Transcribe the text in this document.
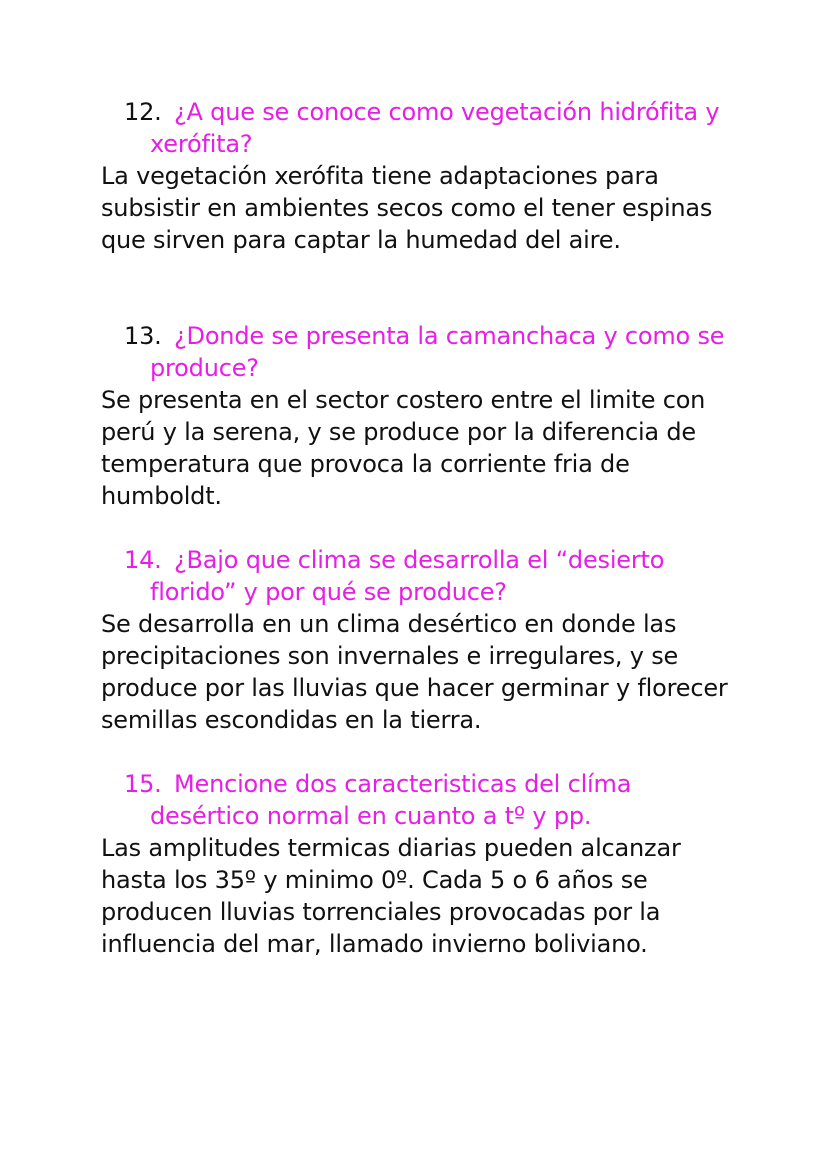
12. ¿A que se conoce como vegetación hidrófita y xerófita?

La vegetación xerófita tiene adaptaciones para subsistir en ambientes secos como el tener espinas que sirven para captar la humedad del aire.

13. ¿Donde se presenta la camanchaca y como se produce?

Se presenta en el sector costero entre el limite con perú y la serena, y se produce por la diferencia de temperatura que provoca la corriente fria de humboldt.

14. ¿Bajo que clima se desarrolla el “desierto florido” y por qué se produce?

Se desarrolla en un clima desértico en donde las precipitaciones son invernales e irregulares, y se produce por las lluvias que hacer germinar y florecer semillas escondidas en la tierra.

15. Mencione dos caracteristicas del clíma desértico normal en cuanto a tº y pp.

Las amplitudes termicas diarias pueden alcanzar hasta los 35º y minimo 0º. Cada 5 o 6 años se producen lluvias torrenciales provocadas por la influencia del mar, llamado invierno boliviano.
